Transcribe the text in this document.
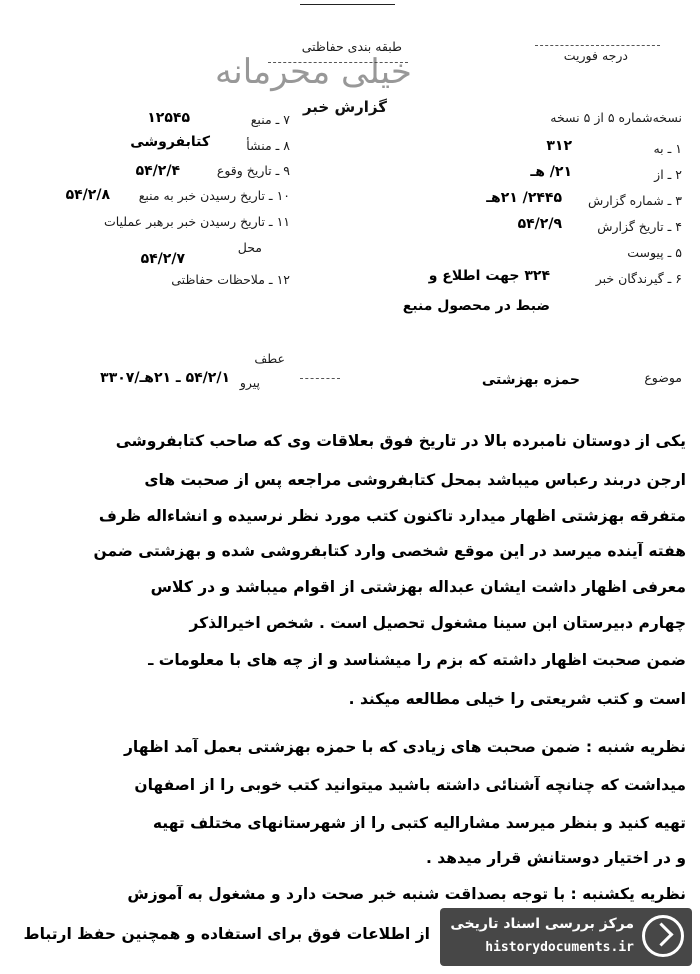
درجه فوریت
طبقه بندی حفاظتی
خیلی محرمانه
گزارش خبر
نسخه‌شماره ۵ از ۵ نسخه
۱ ـ به
۳۱۲
۲ ـ از
۲۱/ هـ
۳ ـ شماره گزارش
۲۴۴۵/ ۲۱هـ
۴ ـ تاریخ گزارش
۵۴/۲/۹
۵ ـ پیوست
۶ ـ گیرندگان خبر
۳۲۴ جهت اطلاع و
ضبط در محصول منبع
۷ ـ منبع
۱۲۵۴۵
۸ ـ منشأ
کتابفروشی
۹ ـ تاریخ وقوع
۵۴/۲/۴
۱۰ ـ تاریخ رسیدن خبر به منبع
۵۴/۲/۸
۱۱ ـ تاریخ رسیدن خبر برهبر عملیات
محل
۵۴/۲/۷
۱۲ ـ ملاحظات حفاظتی
موضوع
حمزه بهزشتی
عطف
پیرو
۵۴/۲/۱ ـ ۲۱هـ/۳۳۰۷
یکی از دوستان نامبرده بالا در تاریخ فوق بعلاقات وی که صاحب کتابفروشی
ارجن دربند رعباس میباشد بمحل کتابفروشی مراجعه پس از صحبت های
متفرقه بهزشتی اظهار میدارد تاکنون کتب مورد نظر نرسیده و انشاءاله ظرف
هفته آینده میرسد در این موقع شخصی وارد کتابفروشی شده و بهزشتی ضمن
معرفی اظهار داشت ایشان عبداله بهزشتی از اقوام میباشد و در کلاس
چهارم دبیرستان ابن سینا مشغول تحصیل است . شخص اخیرالذکر
ضمن صحبت اظهار داشته که بزم را میشناسد و از چه های با معلومات ـ
است و کتب شریعتی را خیلی مطالعه میکند .
نظریه شنبه : ضمن صحبت های زیادی که با حمزه بهزشتی بعمل آمد اظهار
میداشت که چنانچه آشنائی داشته باشید میتوانید کتب خوبی را از اصفهان
تهیه کنید و بنظر میرسد مشارالیه کتبی را از شهرستانهای مختلف تهیه
و در اختیار دوستانش قرار میدهد .
نظریه یکشنبه : با توجه بصداقت شنبه خبر صحت دارد و مشغول به آموزش
از اطلاعات فوق برای استفاده و همچنین حفظ ارتباط
مرکز بررسی اسناد تاریخی
historydocuments.ir
